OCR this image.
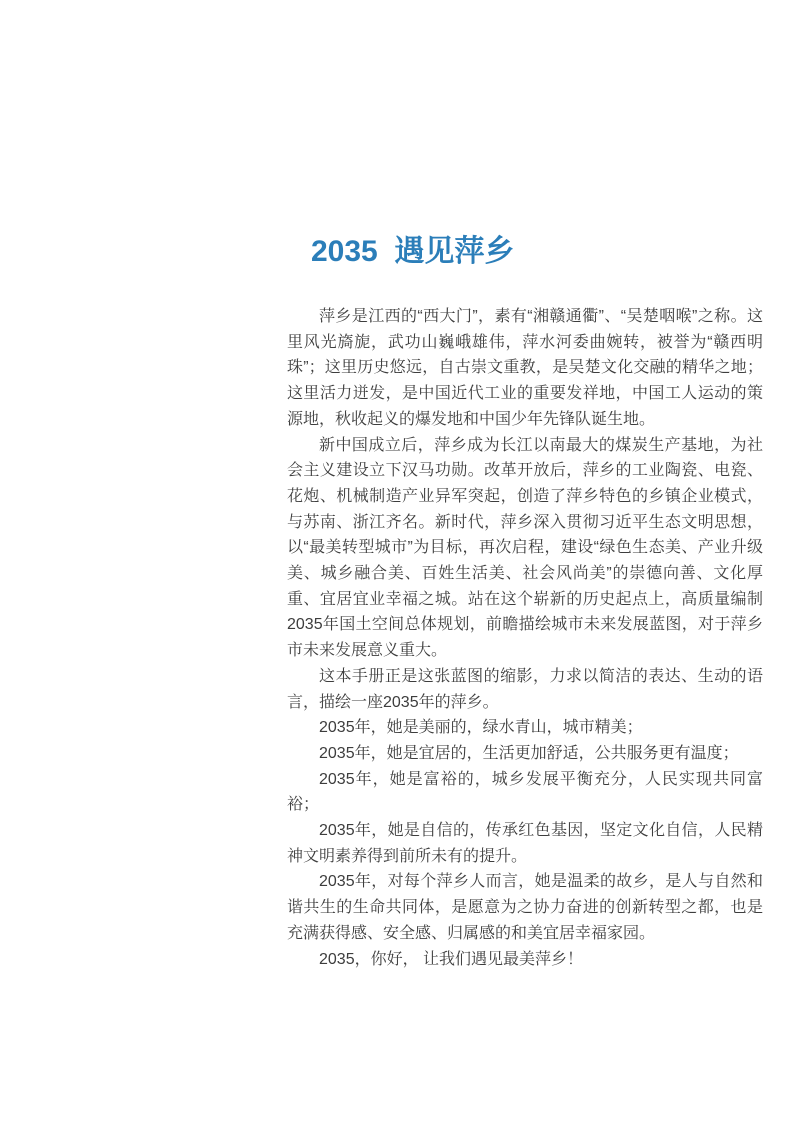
2035  遇见萍乡

萍乡是江西的“西大门”，素有“湘赣通衢”、“吴楚咽喉”之称。这里风光旖旎，武功山巍峨雄伟，萍水河委曲婉转，被誉为“赣西明珠”；这里历史悠远，自古崇文重教，是吴楚文化交融的精华之地；这里活力迸发，是中国近代工业的重要发祥地，中国工人运动的策源地，秋收起义的爆发地和中国少年先锋队诞生地。

新中国成立后，萍乡成为长江以南最大的煤炭生产基地，为社会主义建设立下汉马功勋。改革开放后，萍乡的工业陶瓷、电瓷、花炮、机械制造产业异军突起，创造了萍乡特色的乡镇企业模式，与苏南、浙江齐名。新时代，萍乡深入贯彻习近平生态文明思想，以“最美转型城市”为目标，再次启程，建设“绿色生态美、产业升级美、城乡融合美、百姓生活美、社会风尚美”的崇德向善、文化厚重、宜居宜业幸福之城。站在这个崭新的历史起点上，高质量编制2035年国土空间总体规划，前瞻描绘城市未来发展蓝图，对于萍乡市未来发展意义重大。

这本手册正是这张蓝图的缩影，力求以简洁的表达、生动的语言，描绘一座2035年的萍乡。

2035年，她是美丽的，绿水青山，城市精美；

2035年，她是宜居的，生活更加舒适，公共服务更有温度；

2035年，她是富裕的，城乡发展平衡充分，人民实现共同富裕；

2035年，她是自信的，传承红色基因，坚定文化自信，人民精神文明素养得到前所未有的提升。

2035年，对每个萍乡人而言，她是温柔的故乡，是人与自然和谐共生的生命共同体，是愿意为之协力奋进的创新转型之都，也是充满获得感、安全感、归属感的和美宜居幸福家园。

2035，你好， 让我们遇见最美萍乡！
